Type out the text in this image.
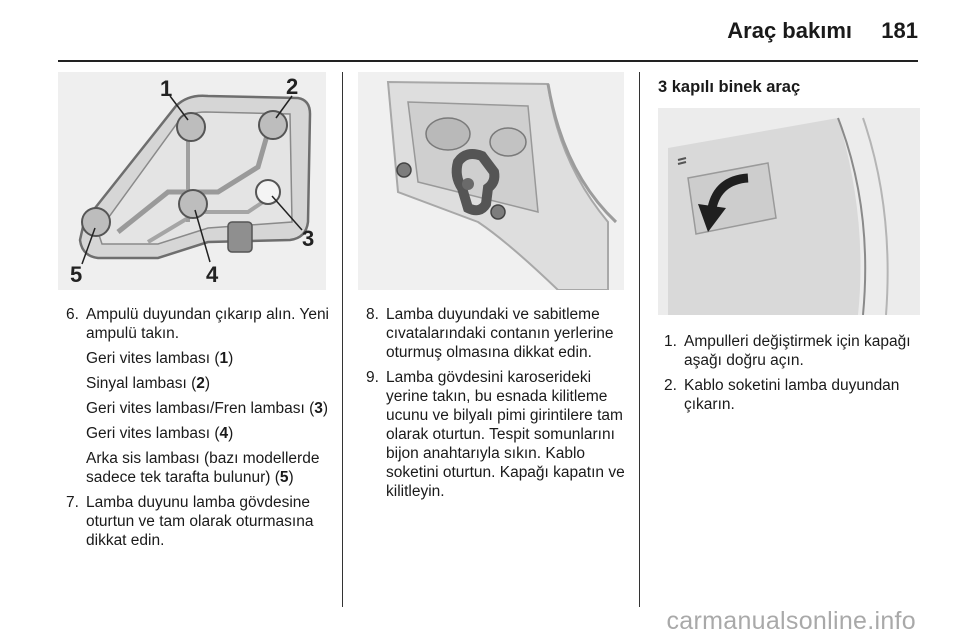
Araç bakımı 181
1	2
3
4
5
6. Ampulü duyundan çıkarıp alın. Yeni ampulü takın.

Geri vites lambası (1)

Sinyal lambası (2)

Geri vites lambası/Fren lambası (3)

Geri vites lambası (4)

Arka sis lambası (bazı modellerde sadece tek tarafta bulunur) (5)

7. Lamba duyunu lamba gövdesine oturtun ve tam olarak oturmasına dikkat edin.

8. Lamba duyundaki ve sabitleme cıvatalarındaki contanın yerlerine oturmuş olmasına dikkat edin.

9. Lamba gövdesini karoserideki yerine takın, bu esnada kilitleme ucunu ve bilyalı pimi girintilere tam olarak oturtun. Tespit somunlarını bijon anahtarıyla sıkın. Kablo soketini oturtun. Kapağı kapatın ve kilitleyin.

3 kapılı binek araç
1. Ampulleri değiştirmek için kapağı aşağı doğru açın.

2. Kablo soketini lamba duyundan çıkarın.

carmanualsonline.info
